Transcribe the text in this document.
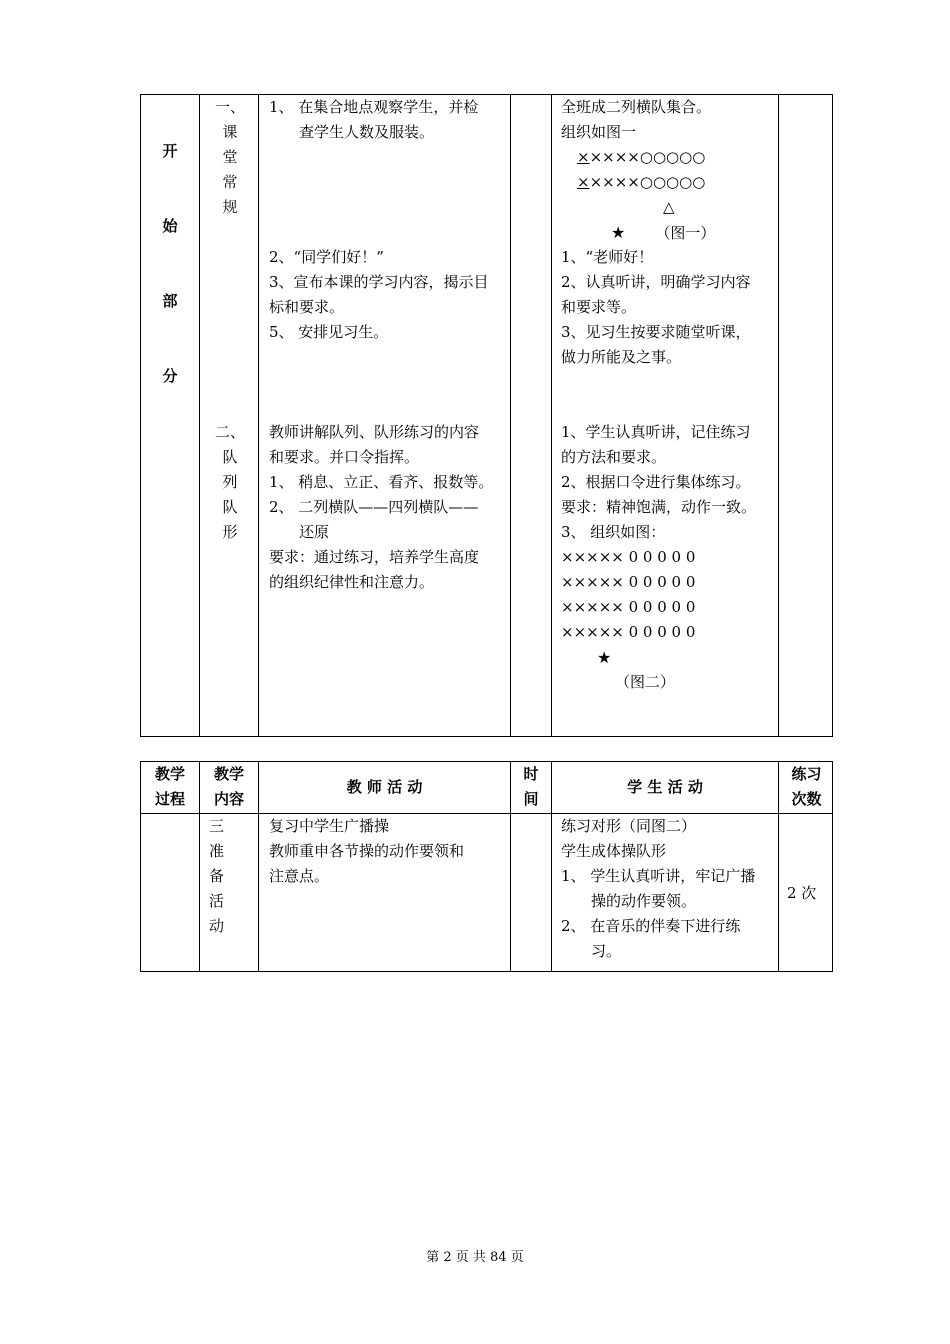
开
始
部
分
一、
课
堂
常
规
1、 在集合地点观察学生，并检
查学生人数及服装。
2、“同学们好！”
3、宣布本课的学习内容，揭示目
标和要求。
5、 安排见习生。
全班成二列横队集合。
组织如图一
×××××○○○○○
×××××○○○○○
△
★ （图一）
1、“老师好！
2、认真听讲，明确学习内容
和要求等。
3、见习生按要求随堂听课，
做力所能及之事。
二、
队
列
队
形
教师讲解队列、队形练习的内容
和要求。并口令指挥。
1、 稍息、立正、看齐、报数等。
2、 二列横队——四列横队——
还原
要求：通过练习，培养学生高度
的组织纪律性和注意力。
1、学生认真听讲，记住练习
的方法和要求。
2、根据口令进行集体练习。
要求：精神饱满，动作一致。
3、 组织如图：
××××× 0 0 0 0 0
××××× 0 0 0 0 0
××××× 0 0 0 0 0
××××× 0 0 0 0 0
★
（图二）
教学
过程
教学
内容
教 师 活 动
时
间
学 生 活 动
练习
次数
三
准
备
活
动
复习中学生广播操
教师重申各节操的动作要领和
注意点。
练习对形（同图二）
学生成体操队形
1、 学生认真听讲，牢记广播
操的动作要领。
2、 在音乐的伴奏下进行练
习。
2 次
第 2 页 共 84 页
